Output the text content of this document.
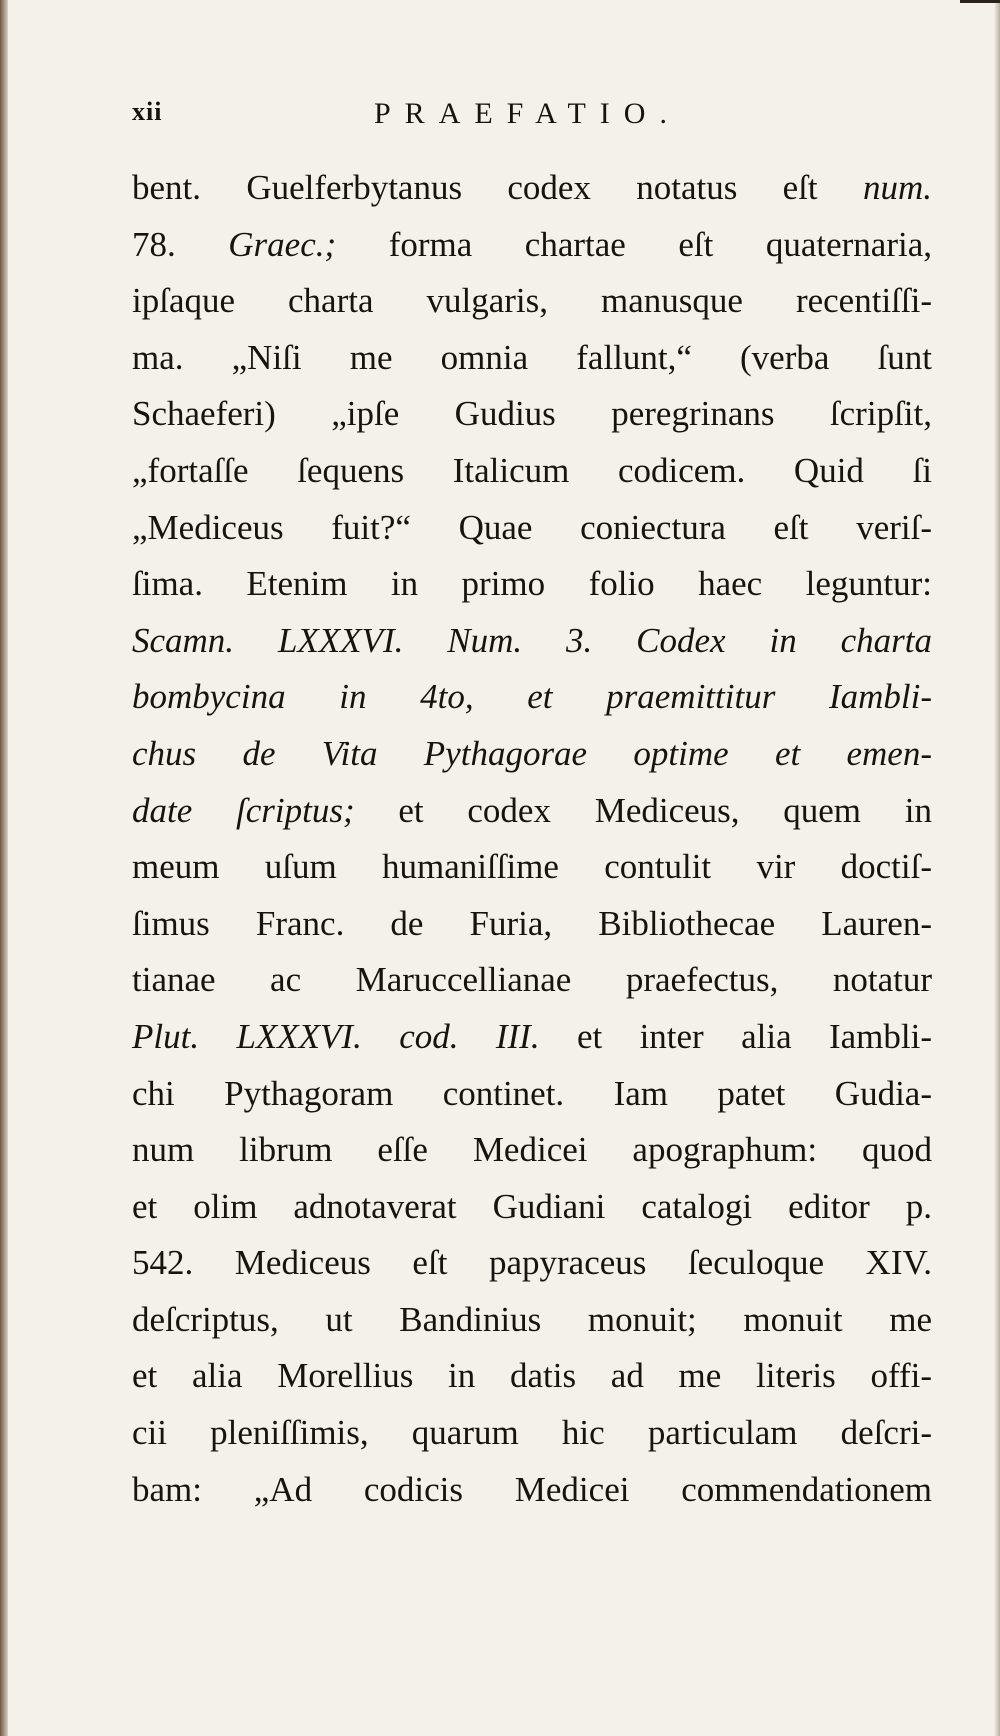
xii	PRAEFATIO.
bent. Guelferbytanus codex notatus eſt num.
78. Graec.; forma chartae eſt quaternaria,
ipſaque charta vulgaris, manusque recentiſſi-
ma. „Niſi me omnia fallunt,“ (verba ſunt
Schaeferi) „ipſe Gudius peregrinans ſcripſit,
„fortaſſe ſequens Italicum codicem. Quid ſi
„Mediceus fuit?“ Quae coniectura eſt veriſ-
ſima. Etenim in primo folio haec leguntur:
Scamn. LXXXVI. Num. 3. Codex in charta
bombycina in 4to, et praemittitur Iambli-
chus de Vita Pythagorae optime et emen-
date ſcriptus; et codex Mediceus, quem in
meum uſum humaniſſime contulit vir doctiſ-
ſimus Franc. de Furia, Bibliothecae Lauren-
tianae ac Maruccellianae praefectus, notatur
Plut. LXXXVI. cod. III. et inter alia Iambli-
chi Pythagoram continet. Iam patet Gudia-
num librum eſſe Medicei apographum: quod
et olim adnotaverat Gudiani catalogi editor p.
542. Mediceus eſt papyraceus ſeculoque XIV.
deſcriptus, ut Bandinius monuit; monuit me
et alia Morellius in datis ad me literis offi-
cii pleniſſimis, quarum hic particulam deſcri-
bam: „Ad codicis Medicei commendationem
